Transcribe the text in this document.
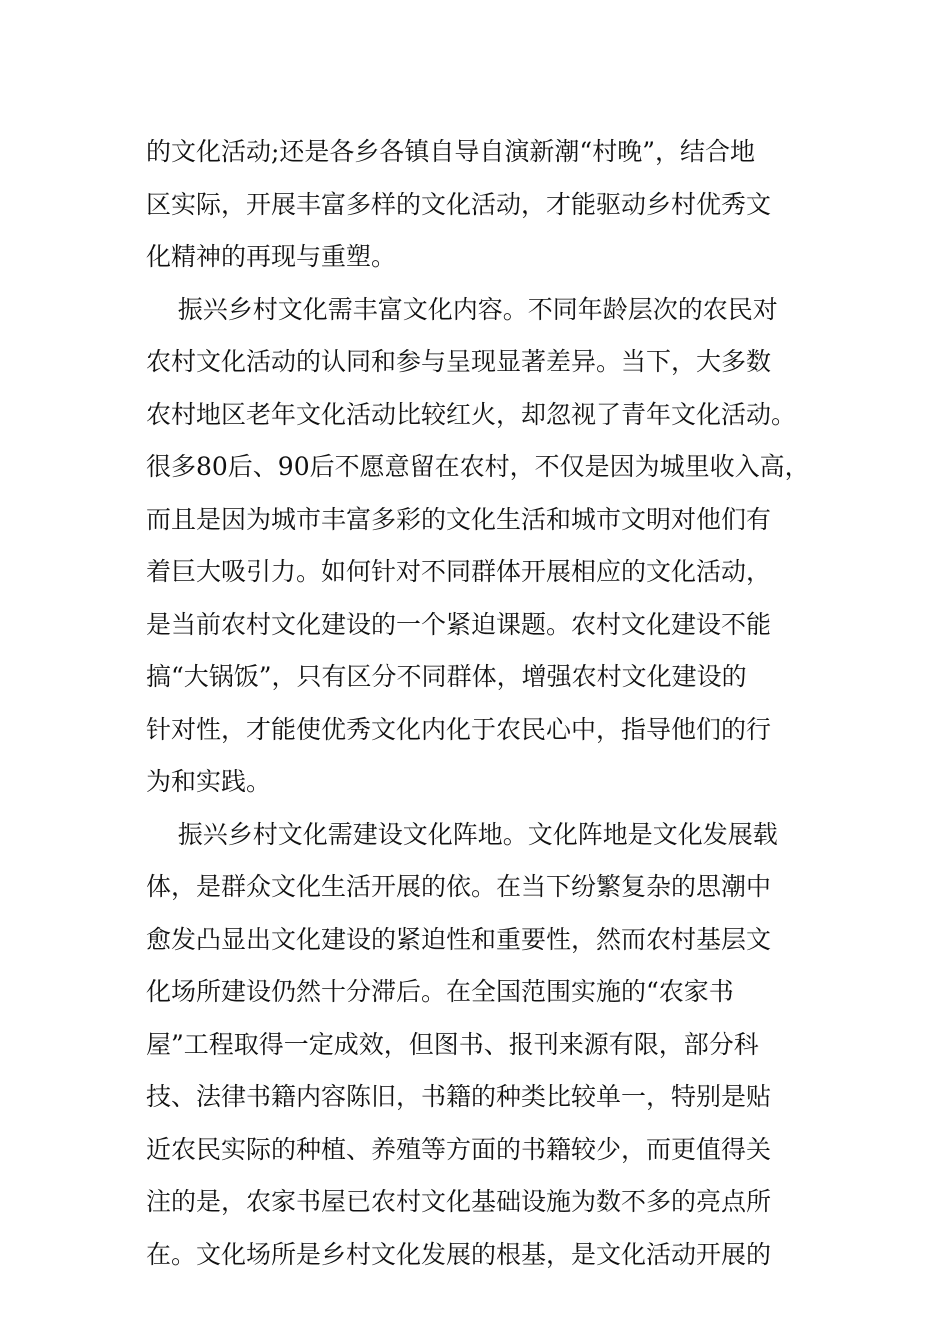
的文化活动;还是各乡各镇自导自演新潮“村晚”，结合地
区实际，开展丰富多样的文化活动，才能驱动乡村优秀文
化精神的再现与重塑。
振兴乡村文化需丰富文化内容。不同年龄层次的农民对
农村文化活动的认同和参与呈现显著差异。当下，大多数
农村地区老年文化活动比较红火，却忽视了青年文化活动。
很多80后、90后不愿意留在农村，不仅是因为城里收入高，
而且是因为城市丰富多彩的文化生活和城市文明对他们有
着巨大吸引力。如何针对不同群体开展相应的文化活动，
是当前农村文化建设的一个紧迫课题。农村文化建设不能
搞“大锅饭”，只有区分不同群体，增强农村文化建设的
针对性，才能使优秀文化内化于农民心中，指导他们的行
为和实践。
振兴乡村文化需建设文化阵地。文化阵地是文化发展载
体，是群众文化生活开展的依。在当下纷繁复杂的思潮中
愈发凸显出文化建设的紧迫性和重要性，然而农村基层文
化场所建设仍然十分滞后。在全国范围实施的“农家书
屋”工程取得一定成效，但图书、报刊来源有限，部分科
技、法律书籍内容陈旧，书籍的种类比较单一，特别是贴
近农民实际的种植、养殖等方面的书籍较少，而更值得关
注的是，农家书屋已农村文化基础设施为数不多的亮点所
在。文化场所是乡村文化发展的根基，是文化活动开展的
